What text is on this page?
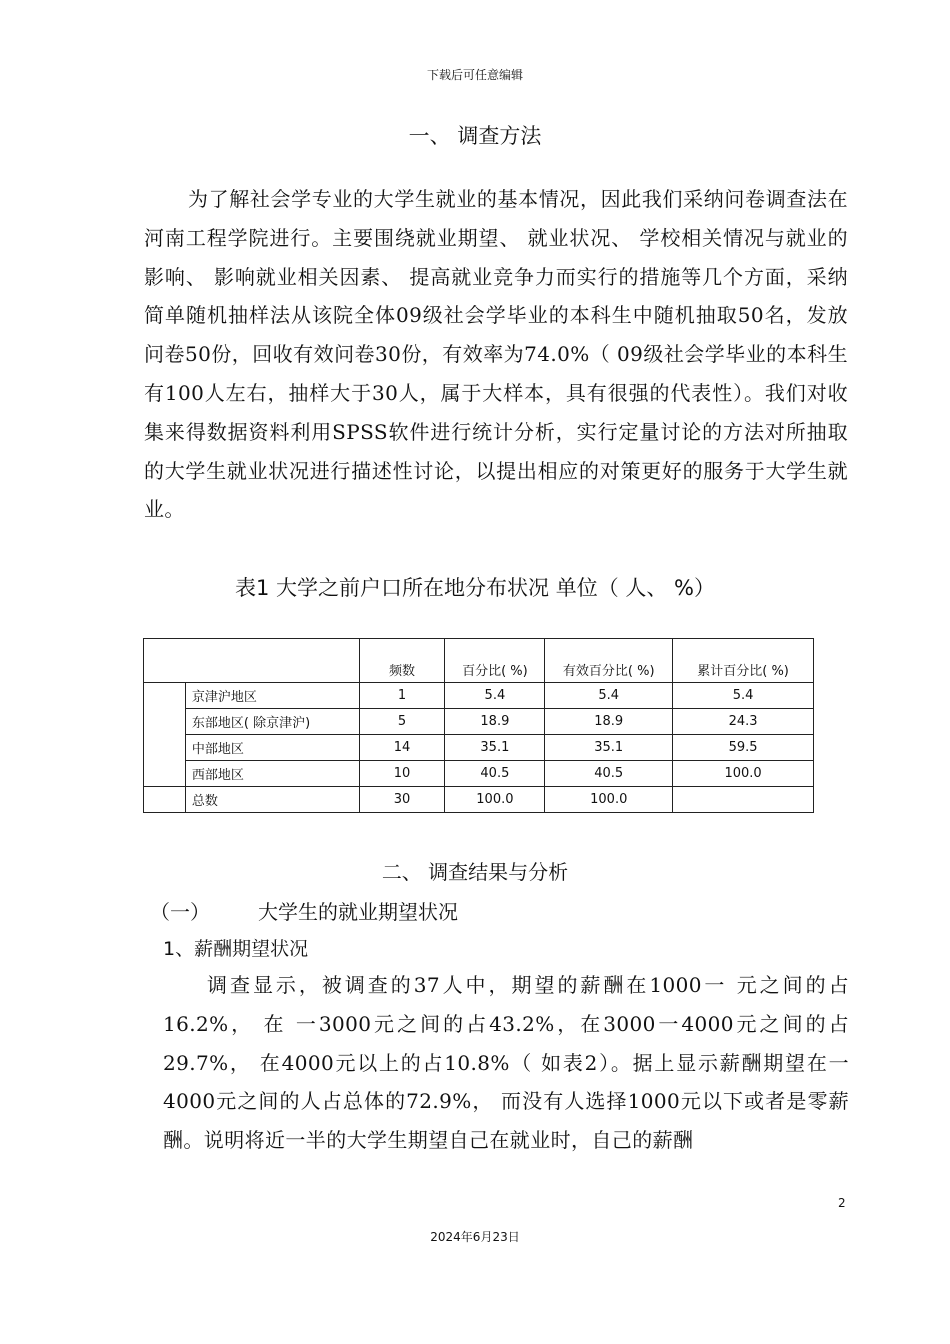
下载后可任意编辑
一、 调查方法

为了解社会学专业的大学生就业的基本情况，因此我们采纳问卷调查法在河南工程学院进行。主要围绕就业期望、 就业状况、 学校相关情况与就业的影响、 影响就业相关因素、 提高就业竞争力而实行的措施等几个方面，采纳简单随机抽样法从该院全体09级社会学毕业的本科生中随机抽取50名，发放问卷50份，回收有效问卷30份，有效率为74.0%（ 09级社会学毕业的本科生有100人左右，抽样大于30人，属于大样本，具有很强的代表性）。我们对收集来得数据资料利用SPSS软件进行统计分析，实行定量讨论的方法对所抽取的大学生就业状况进行描述性讨论，以提出相应的对策更好的服务于大学生就业。

表1 大学之前户口所在地分布状况 单位（ 人、 %）
		频数	百分比( %)	有效百分比( %)	累计百分比( %)
	京津沪地区	1	5.4	5.4	5.4
	东部地区( 除京津沪)	5	18.9	18.9	24.3
	中部地区	14	35.1	35.1	59.5
	西部地区	10	40.5	40.5	100.0
	总数	30	100.0	100.0	
二、 调查结果与分析
（一） 大学生的就业期望状况
1、薪酬期望状况

调查显示，被调查的37人中，期望的薪酬在1000一 元之间的占16.2%， 在 一3000元之间的占43.2%，在3000一4000元之间的占29.7%， 在4000元以上的占10.8%（ 如表2）。据上显示薪酬期望在一4000元之间的人占总体的72.9%， 而没有人选择1000元以下或者是零薪酬。说明将近一半的大学生期望自己在就业时，自己的薪酬

2
2024年6月23日
